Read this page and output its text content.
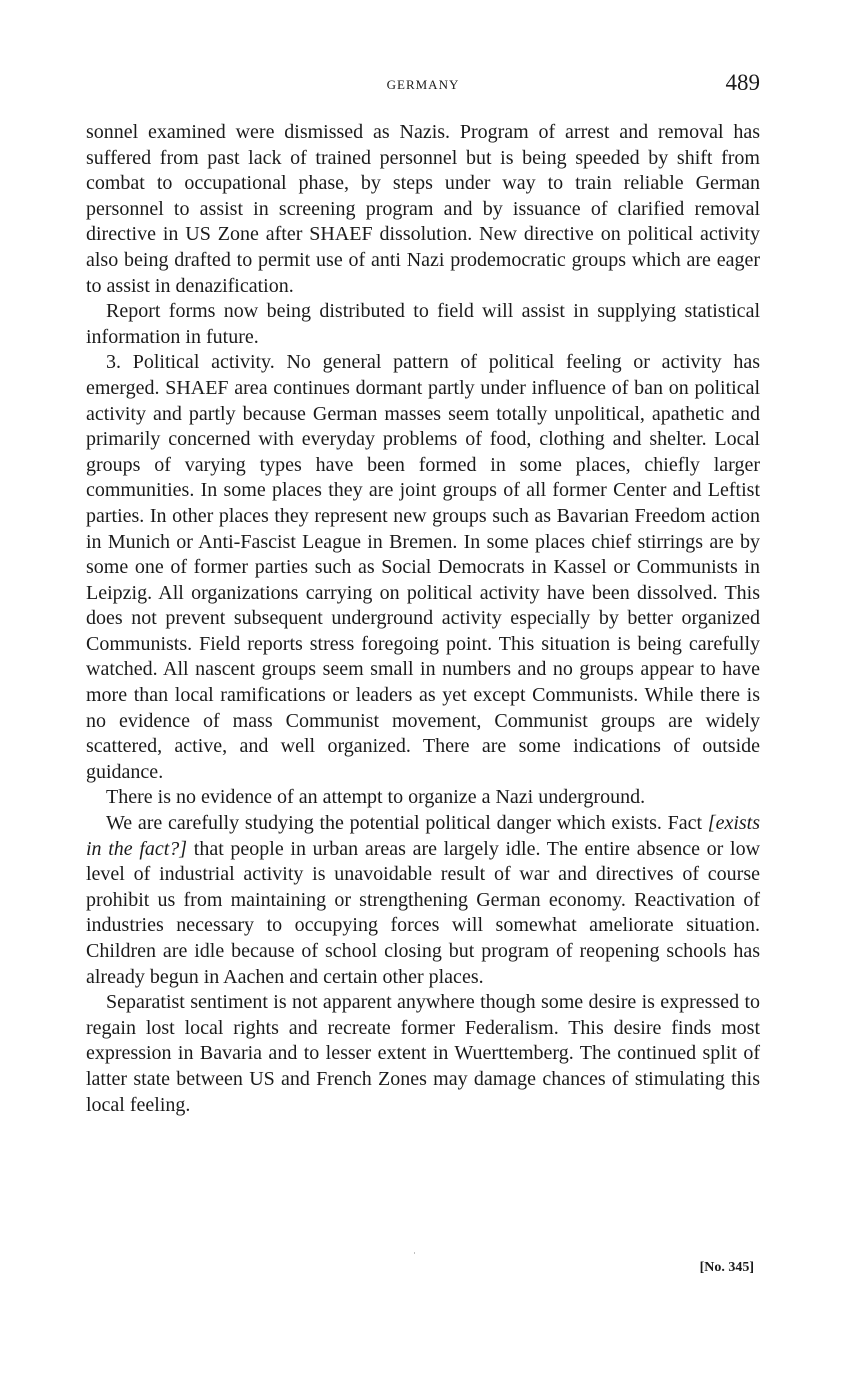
GERMANY	489

sonnel examined were dismissed as Nazis. Program of arrest and removal has suffered from past lack of trained personnel but is being speeded by shift from combat to occupational phase, by steps under way to train reliable German personnel to assist in screening program and by issuance of clarified removal directive in US Zone after SHAEF dissolution. New directive on political activity also being drafted to permit use of anti Nazi prodemocratic groups which are eager to assist in denazification.

Report forms now being distributed to field will assist in supplying statistical information in future.

3. Political activity. No general pattern of political feeling or activity has emerged. SHAEF area continues dormant partly under influence of ban on political activity and partly because German masses seem totally unpolitical, apathetic and primarily concerned with everyday problems of food, clothing and shelter. Local groups of varying types have been formed in some places, chiefly larger communities. In some places they are joint groups of all former Center and Leftist parties. In other places they represent new groups such as Bavarian Freedom action in Munich or Anti-Fascist League in Bremen. In some places chief stirrings are by some one of former parties such as Social Democrats in Kassel or Communists in Leipzig. All organizations carrying on political activity have been dissolved. This does not prevent subsequent underground activity especially by better organized Communists. Field reports stress foregoing point. This situation is being carefully watched. All nascent groups seem small in numbers and no groups appear to have more than local ramifications or leaders as yet except Communists. While there is no evidence of mass Communist movement, Communist groups are widely scattered, active, and well organized. There are some indications of outside guidance.

There is no evidence of an attempt to organize a Nazi underground.

We are carefully studying the potential political danger which exists. Fact [exists in the fact?] that people in urban areas are largely idle. The entire absence or low level of industrial activity is unavoidable result of war and directives of course prohibit us from maintaining or strengthening German economy. Reactivation of industries necessary to occupying forces will somewhat ameliorate situation. Children are idle because of school closing but program of reopening schools has already begun in Aachen and certain other places.

Separatist sentiment is not apparent anywhere though some desire is expressed to regain lost local rights and recreate former Federalism. This desire finds most expression in Bavaria and to lesser extent in Wuerttemberg. The continued split of latter state between US and French Zones may damage chances of stimulating this local feeling.

[No. 345]
